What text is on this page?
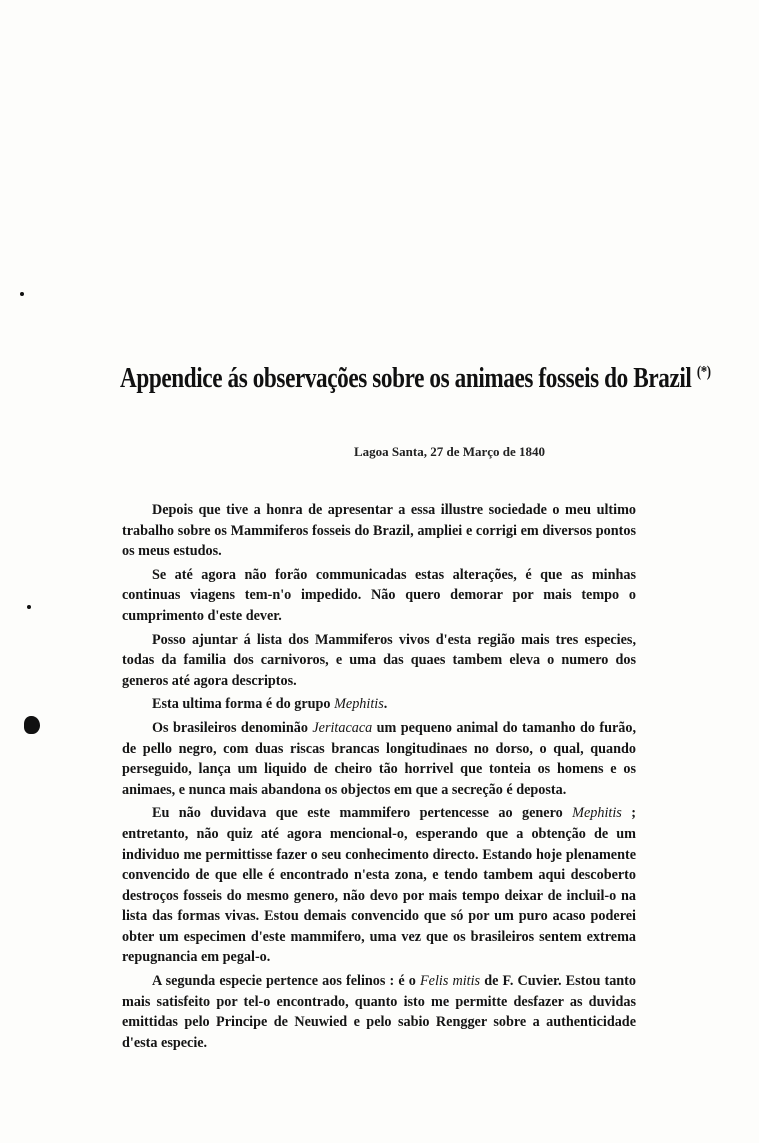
Appendice ás observações sobre os animaes fosseis do Brazil (*)
Lagoa Santa, 27 de Março de 1840

Depois que tive a honra de apresentar a essa illustre sociedade o meu ultimo trabalho sobre os Mammiferos fosseis do Brazil, ampliei e corrigi em diversos pontos os meus estudos.

Se até agora não forão communicadas estas alterações, é que as minhas continuas viagens tem-n'o impedido. Não quero demorar por mais tempo o cumprimento d'este dever.

Posso ajuntar á lista dos Mammiferos vivos d'esta região mais tres especies, todas da familia dos carnivoros, e uma das quaes tambem eleva o numero dos generos até agora descriptos.

Esta ultima forma é do grupo Mephitis.

Os brasileiros denominão Jeritacaca um pequeno animal do tamanho do furão, de pello negro, com duas riscas brancas longitudinaes no dorso, o qual, quando perseguido, lança um liquido de cheiro tão horrivel que tonteia os homens e os animaes, e nunca mais abandona os objectos em que a secreção é deposta.

Eu não duvidava que este mammifero pertencesse ao genero Mephitis ; entretanto, não quiz até agora mencional-o, esperando que a obtenção de um individuo me permittisse fazer o seu conhecimento directo. Estando hoje plenamente convencido de que elle é encontrado n'esta zona, e tendo tambem aqui descoberto destroços fosseis do mesmo genero, não devo por mais tempo deixar de incluil-o na lista das formas vivas. Estou demais convencido que só por um puro acaso poderei obter um especimen d'este mammifero, uma vez que os brasileiros sentem extrema repugnancia em pegal-o.

A segunda especie pertence aos felinos : é o Felis mitis de F. Cuvier. Estou tanto mais satisfeito por tel-o encontrado, quanto isto me permitte desfazer as duvidas emittidas pelo Principe de Neuwied e pelo sabio Rengger sobre a authenticidade d'esta especie.
